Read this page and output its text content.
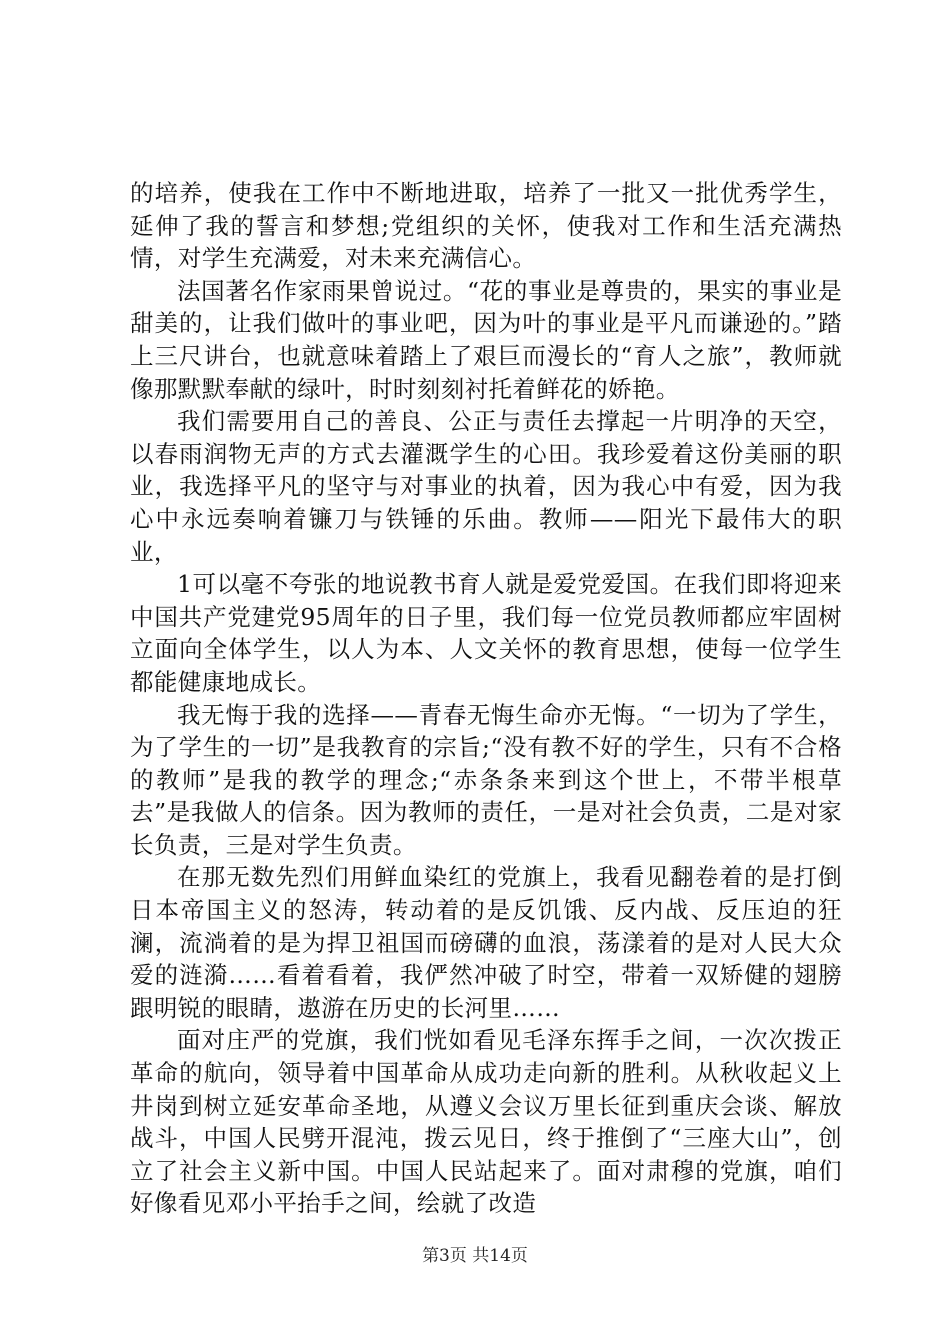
的培养，使我在工作中不断地进取，培养了一批又一批优秀学生，延伸了我的誓言和梦想;党组织的关怀，使我对工作和生活充满热情，对学生充满爱，对未来充满信心。

法国著名作家雨果曾说过。“花的事业是尊贵的，果实的事业是甜美的，让我们做叶的事业吧，因为叶的事业是平凡而谦逊的。”踏上三尺讲台，也就意味着踏上了艰巨而漫长的“育人之旅”，教师就像那默默奉献的绿叶，时时刻刻衬托着鲜花的娇艳。

我们需要用自己的善良、公正与责任去撑起一片明净的天空，以春雨润物无声的方式去灌溉学生的心田。我珍爱着这份美丽的职业，我选择平凡的坚守与对事业的执着，因为我心中有爱，因为我心中永远奏响着镰刀与铁锤的乐曲。教师——阳光下最伟大的职业，

1可以毫不夸张的地说教书育人就是爱党爱国。在我们即将迎来中国共产党建党95周年的日子里，我们每一位党员教师都应牢固树立面向全体学生，以人为本、人文关怀的教育思想，使每一位学生都能健康地成长。

我无悔于我的选择——青春无悔生命亦无悔。“一切为了学生，为了学生的一切”是我教育的宗旨;“没有教不好的学生，只有不合格的教师”是我的教学的理念;“赤条条来到这个世上，不带半根草去”是我做人的信条。因为教师的责任，一是对社会负责，二是对家长负责，三是对学生负责。

在那无数先烈们用鲜血染红的党旗上，我看见翻卷着的是打倒日本帝国主义的怒涛，转动着的是反饥饿、反内战、反压迫的狂澜，流淌着的是为捍卫祖国而磅礴的血浪，荡漾着的是对人民大众爱的涟漪……看着看着，我俨然冲破了时空，带着一双矫健的翅膀跟明锐的眼睛，遨游在历史的长河里……

面对庄严的党旗，我们恍如看见毛泽东挥手之间，一次次拨正革命的航向，领导着中国革命从成功走向新的胜利。从秋收起义上井岗到树立延安革命圣地，从遵义会议万里长征到重庆会谈、解放战斗，中国人民劈开混沌，拨云见日，终于推倒了“三座大山”，创立了社会主义新中国。中国人民站起来了。面对肃穆的党旗，咱们好像看见邓小平抬手之间，绘就了改造

第3页 共14页
